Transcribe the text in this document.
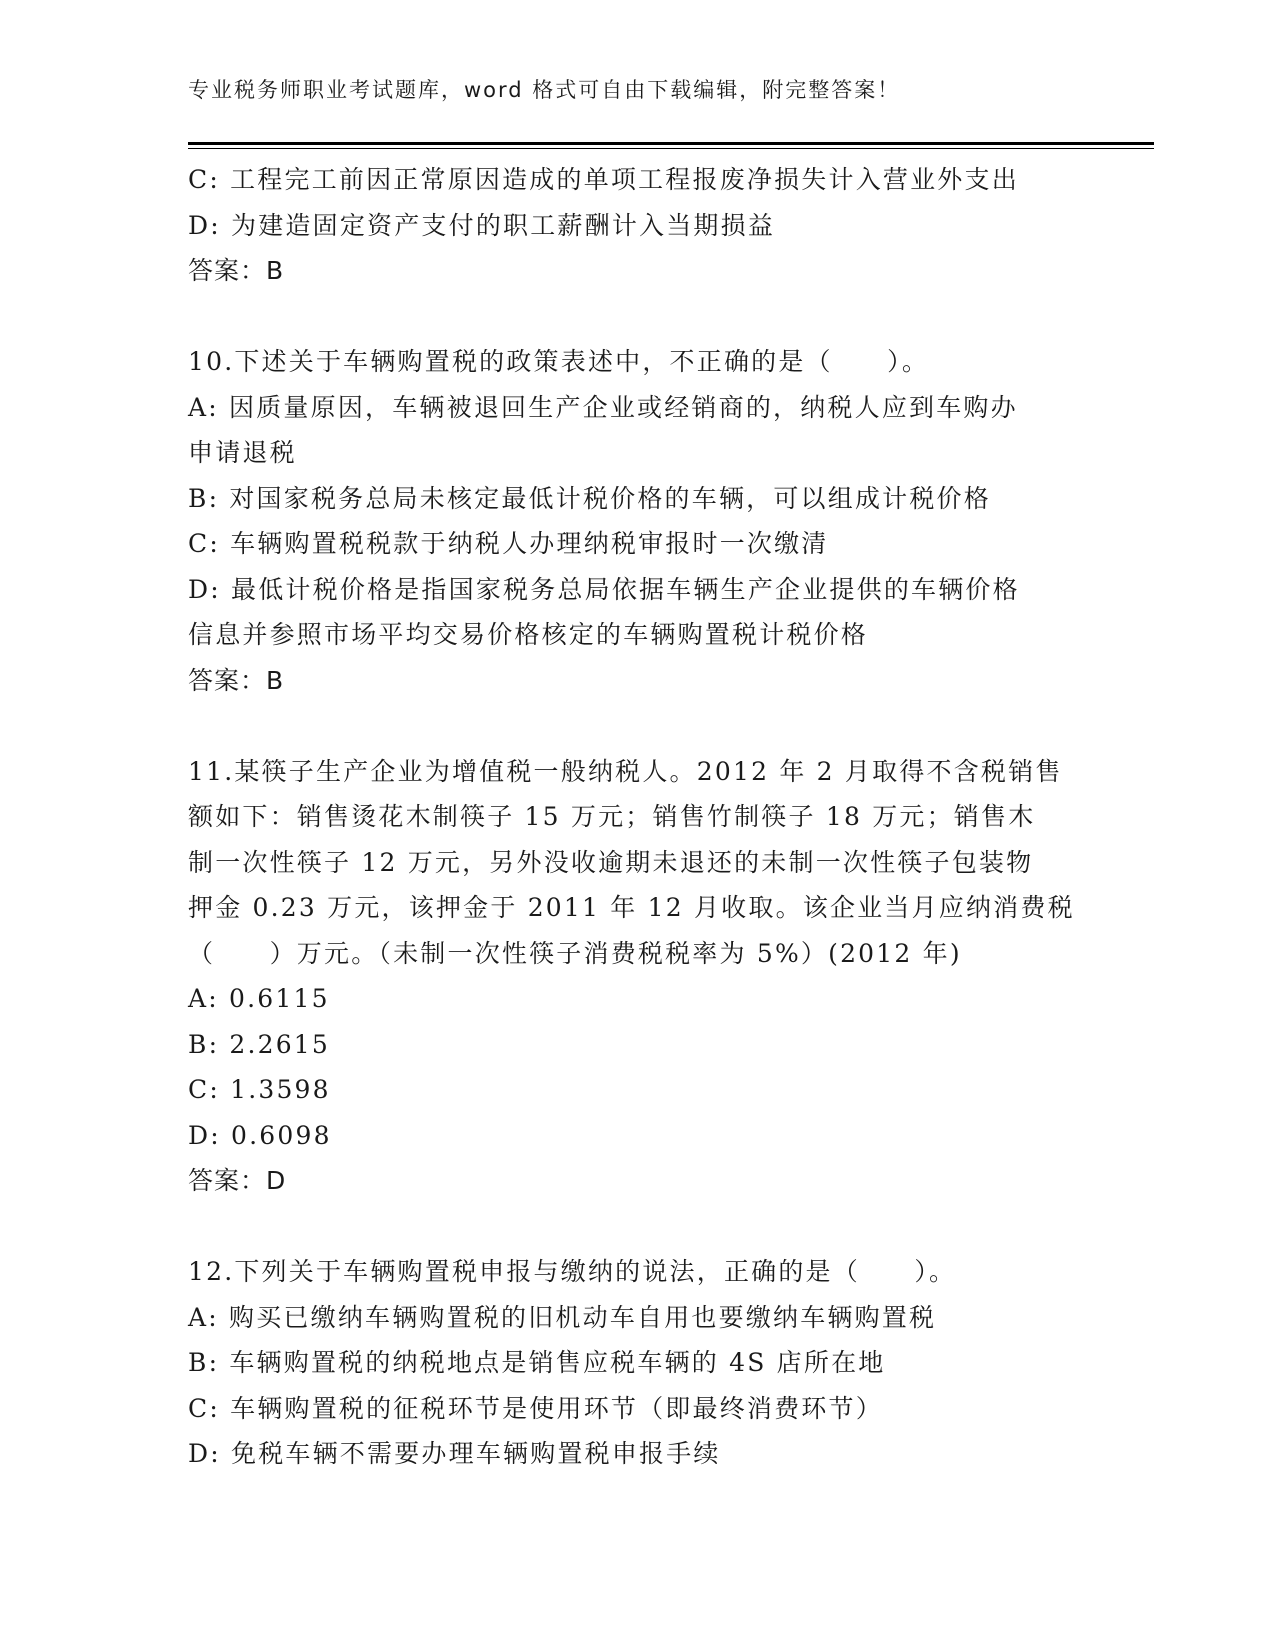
专业税务师职业考试题库，word 格式可自由下载编辑，附完整答案！
C: 工程完工前因正常原因造成的单项工程报废净损失计入营业外支出
D: 为建造固定资产支付的职工薪酬计入当期损益
答案：B
10.下述关于车辆购置税的政策表述中，不正确的是（　　）。
A: 因质量原因，车辆被退回生产企业或经销商的，纳税人应到车购办
申请退税
B: 对国家税务总局未核定最低计税价格的车辆，可以组成计税价格
C: 车辆购置税税款于纳税人办理纳税审报时一次缴清
D: 最低计税价格是指国家税务总局依据车辆生产企业提供的车辆价格
信息并参照市场平均交易价格核定的车辆购置税计税价格
答案：B
11.某筷子生产企业为增值税一般纳税人。2012 年 2 月取得不含税销售
额如下：销售烫花木制筷子 15 万元；销售竹制筷子 18 万元；销售木
制一次性筷子 12 万元，另外没收逾期未退还的未制一次性筷子包装物
押金 0.23 万元，该押金于 2011 年 12 月收取。该企业当月应纳消费税
（　　）万元。（未制一次性筷子消费税税率为 5%）(2012 年)
A: 0.6115
B: 2.2615
C: 1.3598
D: 0.6098
答案：D
12.下列关于车辆购置税申报与缴纳的说法，正确的是（　　）。
A: 购买已缴纳车辆购置税的旧机动车自用也要缴纳车辆购置税
B: 车辆购置税的纳税地点是销售应税车辆的 4S 店所在地
C: 车辆购置税的征税环节是使用环节（即最终消费环节）
D: 免税车辆不需要办理车辆购置税申报手续
